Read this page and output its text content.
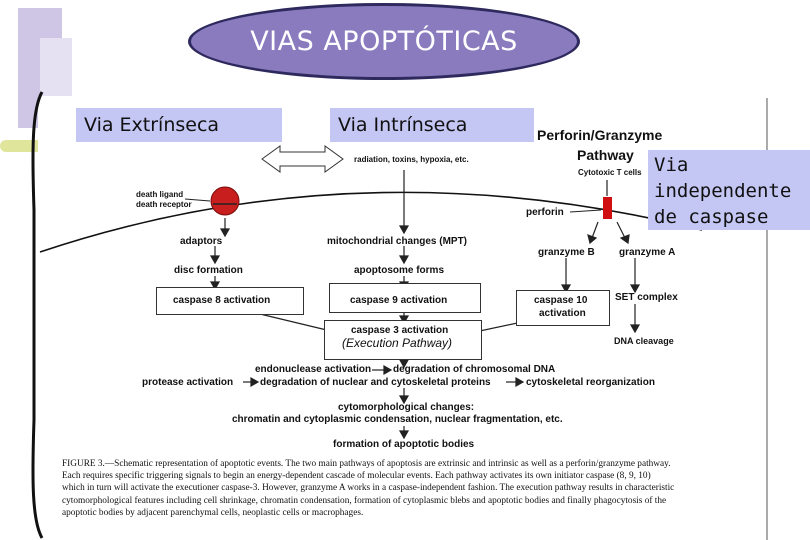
Perforin/Granzyme
Pathway
Cytotoxic T cells
radiation, toxins, hypoxia, etc.
death ligand
death receptor
perforin
adaptors	mitochondrial changes (MPT)
granzyme B granzyme A
disc formation	apoptosome forms
caspase 8 activation	caspase 9 activation	caspase 10
activation
SET complex
caspase 3 activation
(Execution Pathway)	DNA cleavage
endonuclease activation degradation of chromosomal DNA
protease activation	degradation of nuclear and cytoskeletal proteins	cytoskeletal reorganization
cytomorphological changes:
chromatin and cytoplasmic condensation, nuclear fragmentation, etc.
formation of apoptotic bodies
FIGURE 3.—Schematic representation of apoptotic events. The two main pathways of apoptosis are extrinsic and intrinsic as well as a perforin/granzyme pathway.
Each requires specific triggering signals to begin an energy-dependent cascade of molecular events. Each pathway activates its own initiator caspase (8, 9, 10)
which in turn will activate the executioner caspase-3. However, granzyme A works in a caspase-independent fashion. The execution pathway results in characteristic
cytomorphological features including cell shrinkage, chromatin condensation, formation of cytoplasmic blebs and apoptotic bodies and finally phagocytosis of the
apoptotic bodies by adjacent parenchymal cells, neoplastic cells or macrophages.
VIAS APOPTÓTICAS
Via Extrínseca	Via Intrínseca
Via
independente
de caspase
